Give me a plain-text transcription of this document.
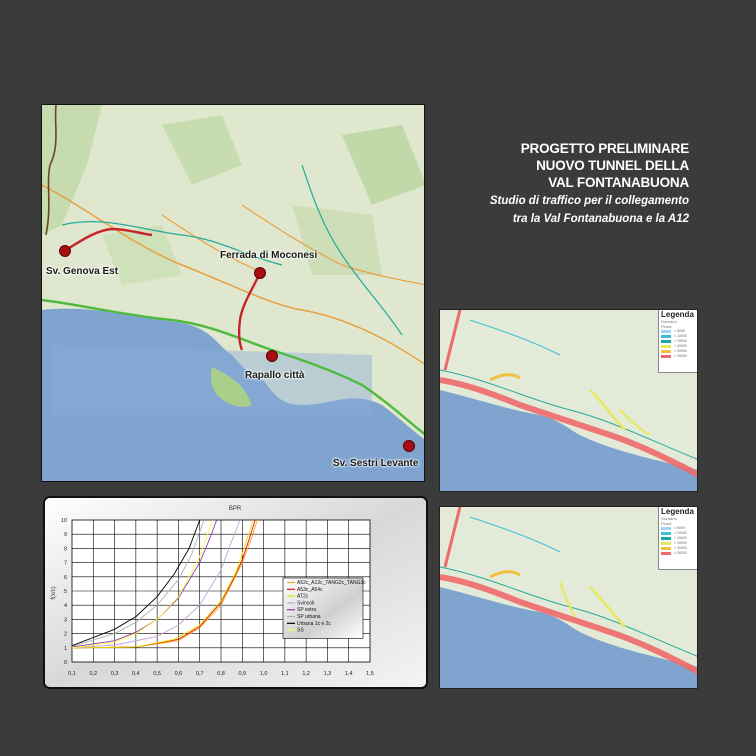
PROGETTO PRELIMINARE
NUOVO TUNNEL DELLA
VAL FONTANABUONA
Studio di traffico per il collegamento
tra la Val Fontanabuona e la A12
Sv. Genova Est
Ferrada di Moconesi
Rapallo città
Sv. Sestri Levante
Legenda
Scenario
Flussi
< 5000
< 10000
< 15000
< 20000
< 30000
> 30000
Legenda
Scenario
Flussi
< 5000
< 10000
< 15000
< 20000
< 30000
> 30000
BPR
f(x/c)
0,1 0,2 0,3 0,4 0,5 0,6 0,7 0,8 0,9 1,0 1,1 1,2 1,3 1,4 1,5
0
1
2
3
4
5
6
7
8
9
10
A52c_A13c_TANG2c_TANG3c
A53c_A54c
AT2c
Svincoli
SP extra
SP urbana
Urbana 1c e 2c
SS
